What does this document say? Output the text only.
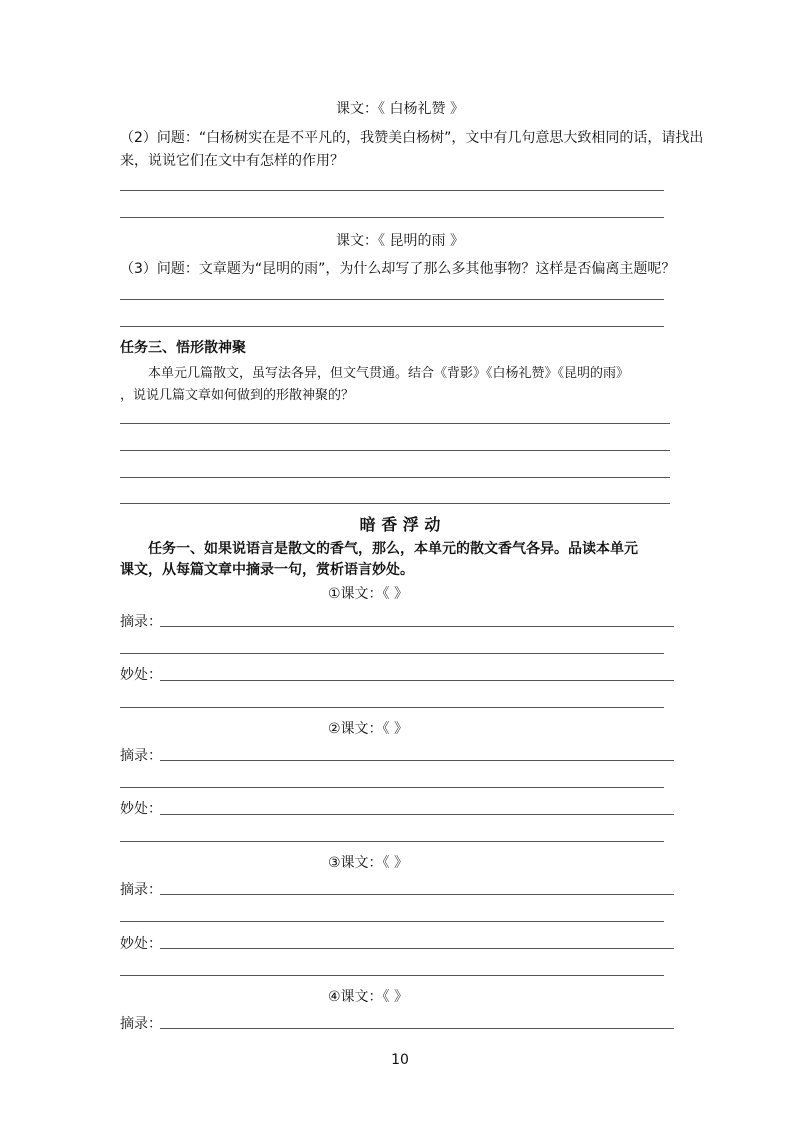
课文：《 白杨礼赞 》
（2）问题：“白杨树实在是不平凡的，我赞美白杨树”，文中有几句意思大致相同的话，请找出
来，说说它们在文中有怎样的作用？
课文：《 昆明的雨 》
（3）问题：文章题为“昆明的雨”，为什么却写了那么多其他事物？这样是否偏离主题呢？
任务三、悟形散神聚
本单元几篇散文，虽写法各异，但文气贯通。结合《背影》《白杨礼赞》《昆明的雨》
，说说几篇文章如何做到的形散神聚的？
暗 香 浮 动
任务一、如果说语言是散文的香气，那么，本单元的散文香气各异。品读本单元
课文，从每篇文章中摘录一句，赏析语言妙处。
①课文：《 》
摘录：
妙处：
②课文：《 》
摘录：
妙处：
③课文：《 》
摘录：
妙处：
④课文：《 》
摘录：
10
